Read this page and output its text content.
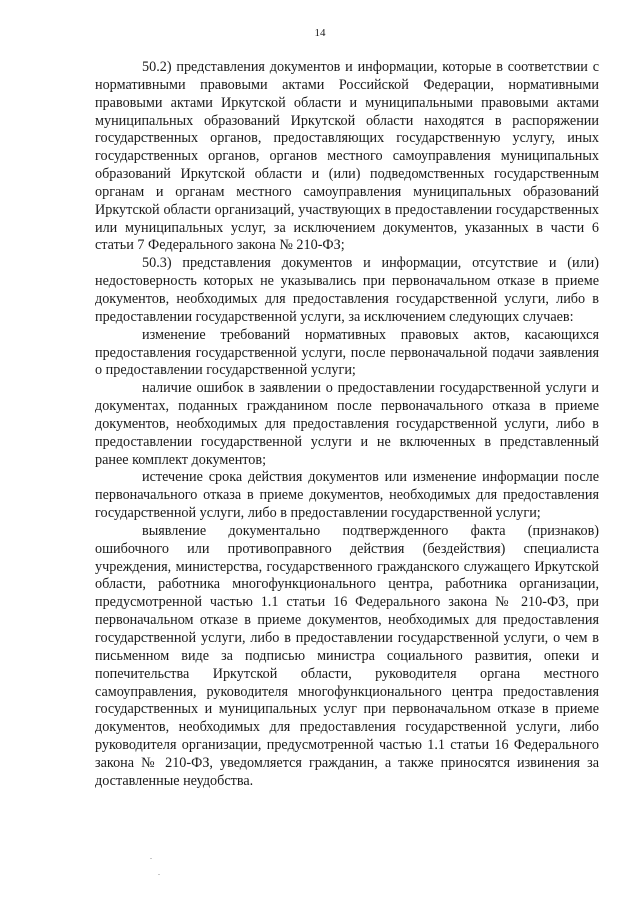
14

50.2) представления документов и информации, которые в соответствии с нормативными правовыми актами Российской Федерации, нормативными правовыми актами Иркутской области и муниципальными правовыми актами муниципальных образований Иркутской области находятся в распоряжении государственных органов, предоставляющих государственную услугу, иных государственных органов, органов местного самоуправления муниципальных образований Иркутской области и (или) подведомственных государственным органам и органам местного самоуправления муниципальных образований Иркутской области организаций, участвующих в предоставлении государственных или муниципальных услуг, за исключением документов, указанных в части 6 статьи 7 Федерального закона № 210-ФЗ;

50.3) представления документов и информации, отсутствие и (или) недостоверность которых не указывались при первоначальном отказе в приеме документов, необходимых для предоставления государственной услуги, либо в предоставлении государственной услуги, за исключением следующих случаев:

изменение требований нормативных правовых актов, касающихся предоставления государственной услуги, после первоначальной подачи заявления о предоставлении государственной услуги;

наличие ошибок в заявлении о предоставлении государственной услуги и документах, поданных гражданином после первоначального отказа в приеме документов, необходимых для предоставления государственной услуги, либо в предоставлении государственной услуги и не включенных в представленный ранее комплект документов;

истечение срока действия документов или изменение информации после первоначального отказа в приеме документов, необходимых для предоставления государственной услуги, либо в предоставлении государственной услуги;

выявление документально подтвержденного факта (признаков) ошибочного или противоправного действия (бездействия) специалиста учреждения, министерства, государственного гражданского служащего Иркутской области, работника многофункционального центра, работника организации, предусмотренной частью 1.1 статьи 16 Федерального закона № 210-ФЗ, при первоначальном отказе в приеме документов, необходимых для предоставления государственной услуги, либо в предоставлении государственной услуги, о чем в письменном виде за подписью министра социального развития, опеки и попечительства Иркутской области, руководителя органа местного самоуправления, руководителя многофункционального центра предоставления государственных и муниципальных услуг при первоначальном отказе в приеме документов, необходимых для предоставления государственной услуги, либо руководителя организации, предусмотренной частью 1.1 статьи 16 Федерального закона № 210-ФЗ, уведомляется гражданин, а также приносятся извинения за доставленные неудобства.
